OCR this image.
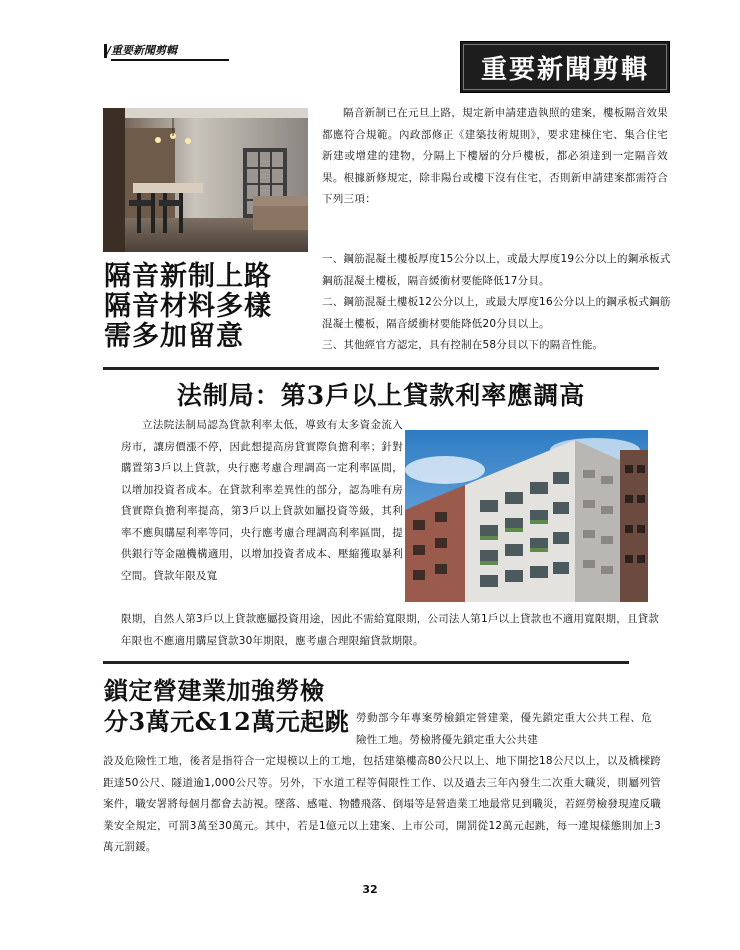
/重要新聞剪輯
重要新聞剪輯

隔音新制已在元旦上路，規定新申請建造執照的建案，樓板隔音效果都應符合規範。內政部修正《建築技術規則》，要求建棟住宅、集合住宅新建或增建的建物，分隔上下樓層的分戶樓板，都必須達到一定隔音效果。根據新修規定，除非陽台或樓下沒有住宅，否則新申請建案都需符合下列三項：

一、鋼筋混凝土樓板厚度15公分以上，或最大厚度19公分以上的鋼承板式鋼筋混凝土樓板，隔音緩衝材要能降低17分貝。

二、鋼筋混凝土樓板12公分以上，或最大厚度16公分以上的鋼承板式鋼筋混凝土樓板，隔音緩衝材要能降低20分貝以上。

三、其他經官方認定，具有控制在58分貝以下的隔音性能。

隔音新制上路
隔音材料多樣
需多加留意
法制局：第3戶以上貸款利率應調高

立法院法制局認為貸款利率太低，導致有太多資金流入房市，讓房價漲不停，因此想提高房貸實際負擔利率；針對購置第3戶以上貸款，央行應考慮合理調高一定利率區間，以增加投資者成本。在貸款利率差異性的部分，認為唯有房貸實際負擔利率提高，第3戶以上貸款如屬投資等級，其利率不應與購屋利率等同，央行應考慮合理調高利率區間，提供銀行等金融機構適用，以增加投資者成本、壓縮獲取暴利空間。貸款年限及寬

限期，自然人第3戶以上貸款應屬投資用途，因此不需給寬限期，公司法人第1戶以上貸款也不適用寬限期，且貸款年限也不應適用購屋貸款30年期限，應考慮合理限縮貸款期限。

鎖定營建業加強勞檢
分3萬元&12萬元起跳 勞動部今年專案勞檢鎖定營建業，優先鎖定重大公共工程、危險性工地。勞檢將優先鎖定重大公共建

設及危險性工地，後者是指符合一定規模以上的工地，包括建築樓高80公尺以上、地下開挖18公尺以上，以及橋樑跨距達50公尺、隧道逾1,000公尺等。另外，下水道工程等侷限性工作、以及過去三年內發生二次重大職災，則屬列管案件，職安署將每個月都會去訪視。墜落、感電、物體飛落、倒塌等是營造業工地最常見到職災，若經勞檢發現違反職業安全規定，可罰3萬至30萬元。其中，若是1億元以上建案、上市公司，開罰從12萬元起跳，每一違規樣態則加上3萬元罰鍰。

32
